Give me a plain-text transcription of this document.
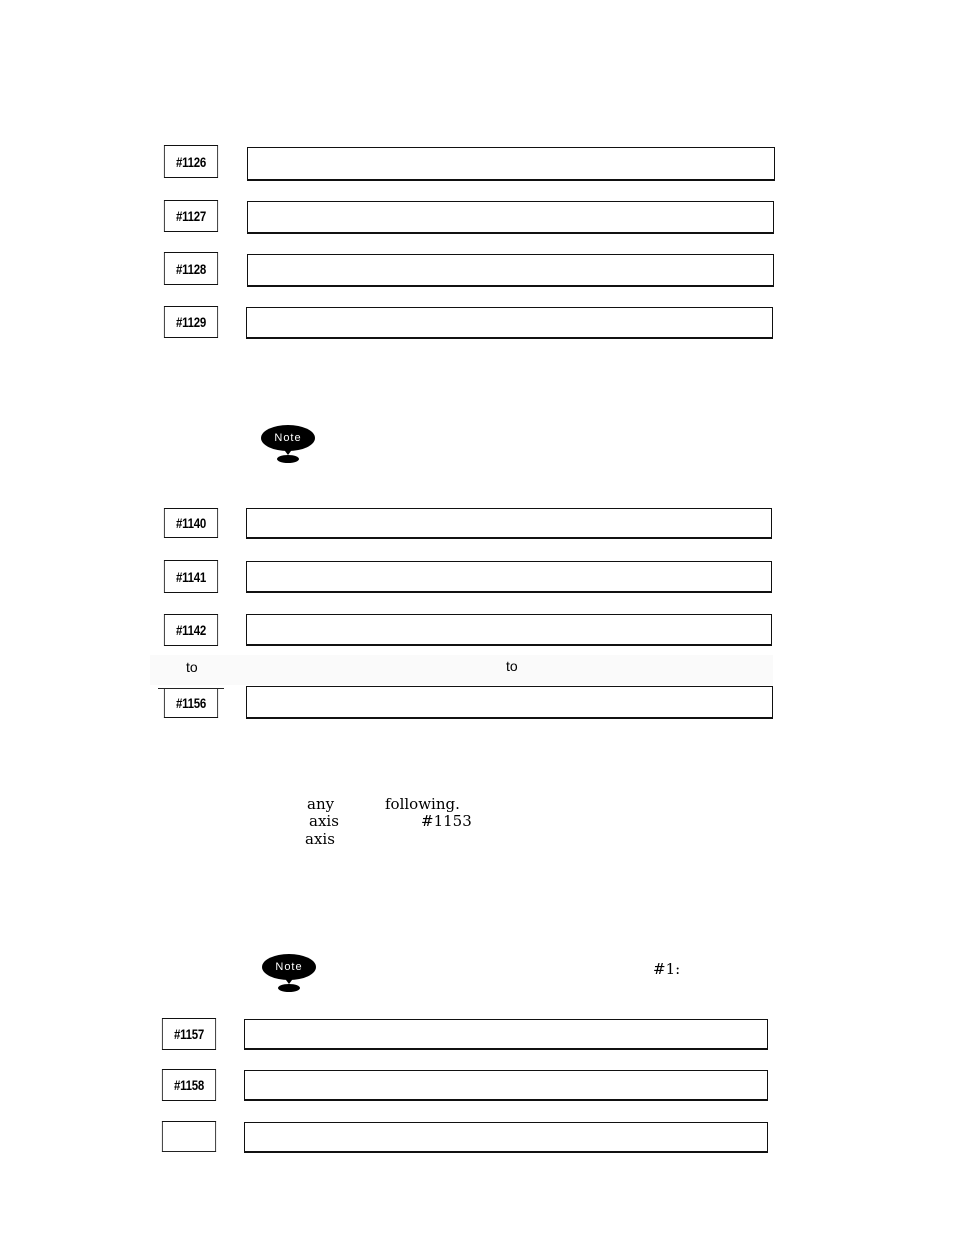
#1126
#1127
#1128
#1129
Note
#1140
#1141
#1142
to	to
#1156
any	following.
axis	#1153
axis
Note	#1:
#1157
#1158
